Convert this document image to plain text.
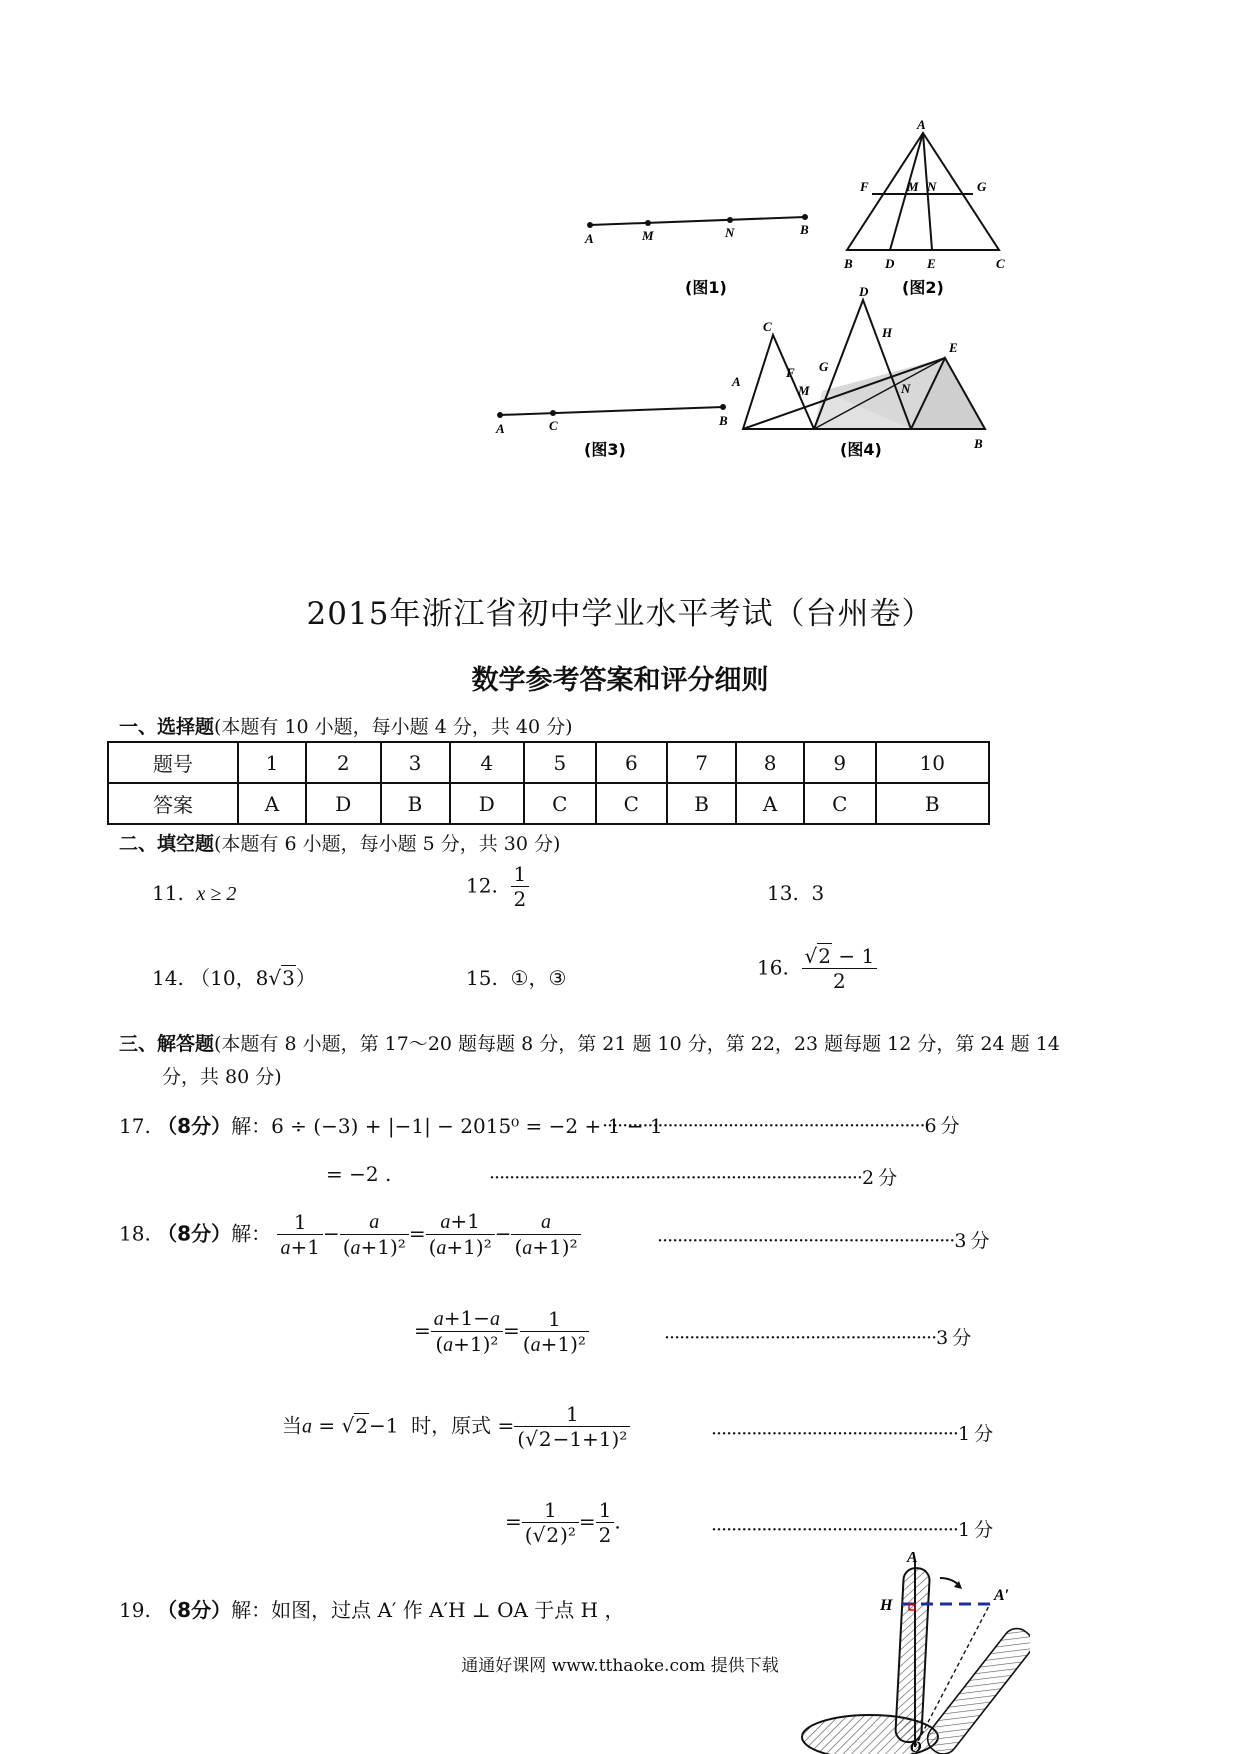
A	M	N	B
(图1)
A
F	M N	G
B D	E	C
(图2)
A	C	B
(图3)
C
D
H
E
G
F
A
M	N
B
(图4)
2015年浙江省初中学业水平考试（台州卷）
数学参考答案和评分细则
一、选择题(本题有 10 小题，每小题 4 分，共 40 分)
题号	1	2	3	4	5	6	7	8	9	10
答案	A	D	B	D	C	C	B	A	C	B
二、填空题(本题有 6 小题，每小题 5 分，共 30 分)
11. x ≥ 2	12. $\frac{1}{2}$	13. 3
14. （10，8√3）	15. ①，③	16. $\frac{√2 - 1}{2}$
三、解答题(本题有 8 小题，第 17～20 题每题 8 分，第 21 题 10 分，第 22，23 题每题 12 分，第 24 题 14
分，共 80 分)
17. （8分）解：6 ÷ (−3) + |−1| − 2015⁰ = −2 + 1 − 1
································································6 分
= −2 .	··········································································2 分
18. （8分）解： $\frac{1}{a+1} - \frac{a}{\text{(a+1)²}} = \frac{a+1}{\text{(a+1)²}} - \frac{a}{\text{(a+1)²}}$	···························································3 分
= $\frac{a+1-a}{\text{(a+1)²}} = \frac{1}{\text{(a+1)²}}$	······················································3 分
当a = √2−1  时，原式 = $\frac{1}{\text{(√2−1+1)²}}$	·················································1 分
= $\frac{1}{\text{(√2)²}} = \frac{1}{2}$ .	·················································1 分
19. （8分）解：如图，过点 A′ 作 A′H ⊥ OA 于点 H ，
A
H
A′
O
通通好课网 www.tthaoke.com 提供下载
